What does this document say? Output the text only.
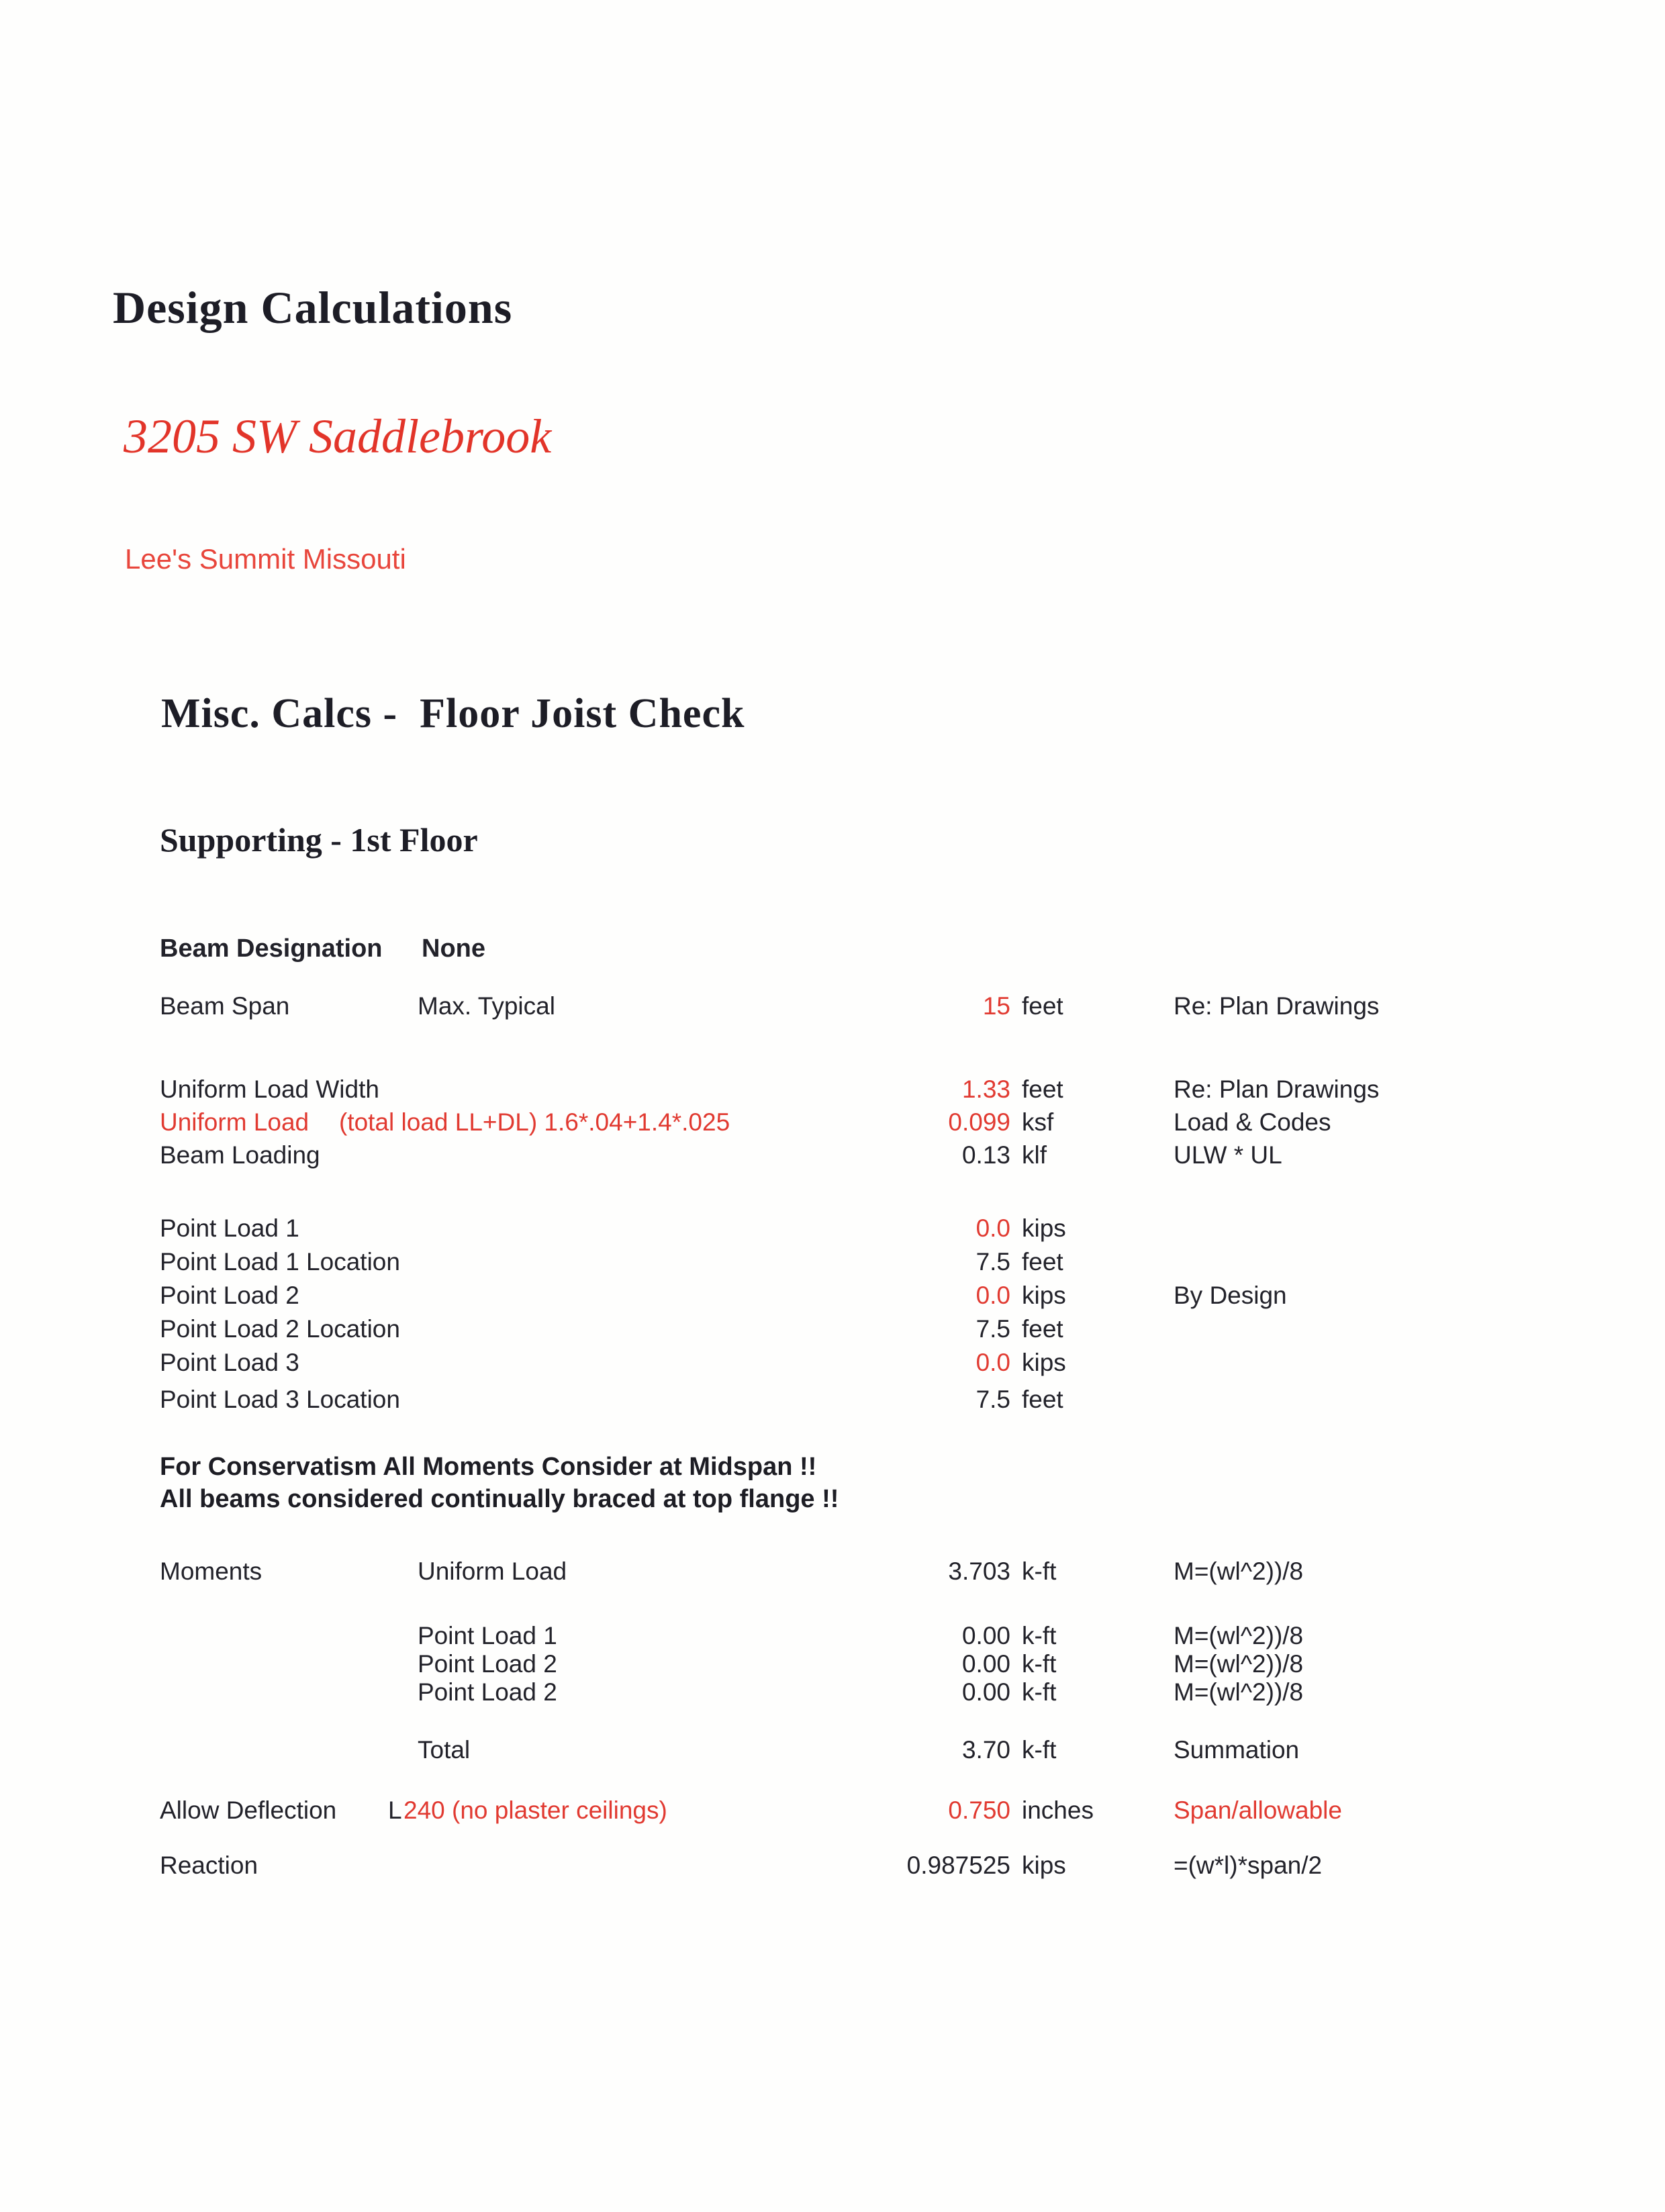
Design Calculations
3205 SW Saddlebrook
Lee's Summit Missouti
Misc. Calcs -  Floor Joist Check
Supporting - 1st Floor
Beam Designation None
Beam Span	Max. Typical	15 feet	Re: Plan Drawings
Uniform Load Width	1.33 feet	Re: Plan Drawings
Uniform Load (total load LL+DL) 1.6*.04+1.4*.025	0.099 ksf	Load & Codes
Beam Loading	0.13 klf	ULW * UL
Point Load 1	0.0 kips
Point Load 1 Location	7.5 feet
Point Load 2	0.0 kips	By Design
Point Load 2 Location	7.5 feet
Point Load 3	0.0 kips
Point Load 3 Location	7.5 feet
For Conservatism All Moments Consider at Midspan !!
All beams considered continually braced at top flange !!
Moments	Uniform Load	3.703 k-ft	M=(wl^2))/8
Point Load 1	0.00 k-ft	M=(wl^2))/8
Point Load 2	0.00 k-ft	M=(wl^2))/8
Point Load 2	0.00 k-ft	M=(wl^2))/8
Total	3.70 k-ft	Summation
Allow Deflection L 240 (no plaster ceilings)	0.750 inches	Span/allowable
Reaction	0.987525 kips	=(w*l)*span/2
